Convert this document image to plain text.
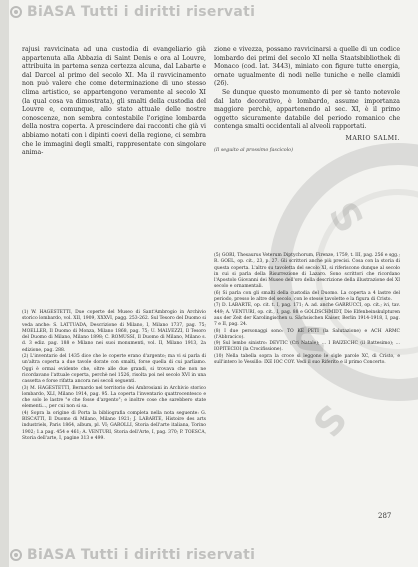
BiASA Tutti i diritti riservati

rajusi ravvicinata ad una custodia di evangeliario già appartenuta alla Abbazia di Saint Denis e ora al Louvre, attribuita in partema senza certezza alcuna, dal Labarte e dal Darcel al primo del secolo XI. Ma il ravvicinamento non può valere che come determinazione di uno stesso clima artistico, se appartengono veramente al secolo XI (la qual cosa va dimostrata), gli smalti della custodia del Louvre e, comunque, allo stato attuale delle nostre conoscenze, non sembra contestabile l'origine lombarda della nostra coperta. A prescindere dai racconti che già vi abbiamo notati con i dipinti coevi della regione, ci sembra che le immagini degli smalti, rappresentate con singolare anima-

zione e vivezza, possano ravvicinarsi a quelle di un codice lombardo dei primi del secolo XI nella Staatsbibliothek di Monaco (cod. lat. 3443), miniato con figure tutte energia, ornate ugualmente di nodi nelle tuniche e nelle clamidi (26).

Se dunque questo monumento di per sè tanto notevole dal lato decorativo, è lombardo, assume importanza maggiore perchè, appartenendo al sec. XI, è il primo oggetto sicuramente databile del periodo romanico che contenga smalti occidentali al alveoli rapportati.

MARIO SALMI.
(Il seguito al prossimo fascicolo)

(1) W. HAGESTETTI, Due coperte del Museo di Sant'Ambrogio in Archivio storico lombardo, vol. XII, 1909, XXXVI, pagg. 253-262. Sul Tesoro del Duomo si veda anche: S. LATTUADA, Descrizione di Milano, I, Milano 1737, pag. 75; MOELLER, Il Duomo di Monza, Milano 1868, pag. 75; U. MALVEZZI, Il Tesoro del Duomo di Milano, Milano 1898; C. ROMUSSI, Il Duomo di Milano, Milano s. d. 3 ediz. pag. 188 e Milano nei suoi monumenti, vol. II, Milano 1913, 2a edizione, pag. 288.

(2) L'inventario del 1435 dice che le coperte erano d'argento; ma vi si parla di un'altra coperta a due tavole dorate con smalti, forse quella di cui parliamo. Oggi è ormai evidente che, oltre alle due grandi, si trovava che non ne ricordavano l'attuale coperta, perchè nel 1526, risolta poi nel secolo XVI in una cassetta e forse rifatta ancora nei secoli seguenti.

(3) M. HAGESTETTI, Bernardo nel territorio dei Ambrosiani in Archivio storico lombardo, XLI, Milano 1914, pag. 95. La coperta l'inventario quattrocentesco e che solo le lastre "e che fosse d'argento"; e inoltre cose che sarebbero state elementi..., per cui non si sa.

(4) Sopra la origine di Porta la bibliografia completa nella nota seguente: G. BISCATTI, Il Duomo di Milano, Milano 1921; J. LABARTE, Histoire des arts industriels, Paris 1864, album, pl. VI; GAROLLI, Storia dell'arte italiana, Torino 1902; 1.a pag. 454 e 461; A. VENTURI, Storia dell'Arte, I, pag. 370; P. TOESCA, Storia dell'arte, I, pagine 313 e 499.

(5) GORI, Thesaurus Veterum Diptychorum, Firenze, 1759, t. III, pag. 256 e sgg.; R. GOEL, op. cit., 23, p. 27. Gli scrittori anche più precisi. Cosa con la storia di questa coperta. L'altro su tavoletta del secolo XI, si riferiscono dunque al secolo in cui si parla della Risurrezione di Lazaro. Sono scrittori che ricordano l'Apostolo Giovanni dei Museo dell'oro della descrizione della illustrazione del XI secolo e ornamentali.

(6) Si parla con gli smalti della custodia del Duomo. La coperta a 4 lastre del periodo, presso le altre del secolo, con le stesse tavolette e la figura di Cristo.

(7) D. LABARTE, op. cit. t. I, pag. 171; A. ad. anche GARRUCCI, op. cit.; ivi, tav. 449; A. VENTURI, op. cit., I, pag. 88 e GOLDSCHMIDT, Die Elfenbeinskulpturen aus der Zeit der Karolingischen u. Sächsischen Kaiser, Berlin 1914-1918, I, pag. 7 e II, pag. 24.

(8) I due personaggi sono: TO KE PETI (la Salutazione) e ACH ARMC (l'Abbracico).

(9) Sul lembo sinistro: DEVTIC (Cri Natale); ... I BAIZECHC (il Battesimo); ... IOPITECIOI (la Crocifissione).

(10) Nella tabella sopra la croce si leggono le sigle parole XC, di Cristo, e sull'intero lo Vessillo: IXE IOC COY. Vedi il suo Riferito e il primo Concerto.

287
BiASA Tutti i diritti riservati
